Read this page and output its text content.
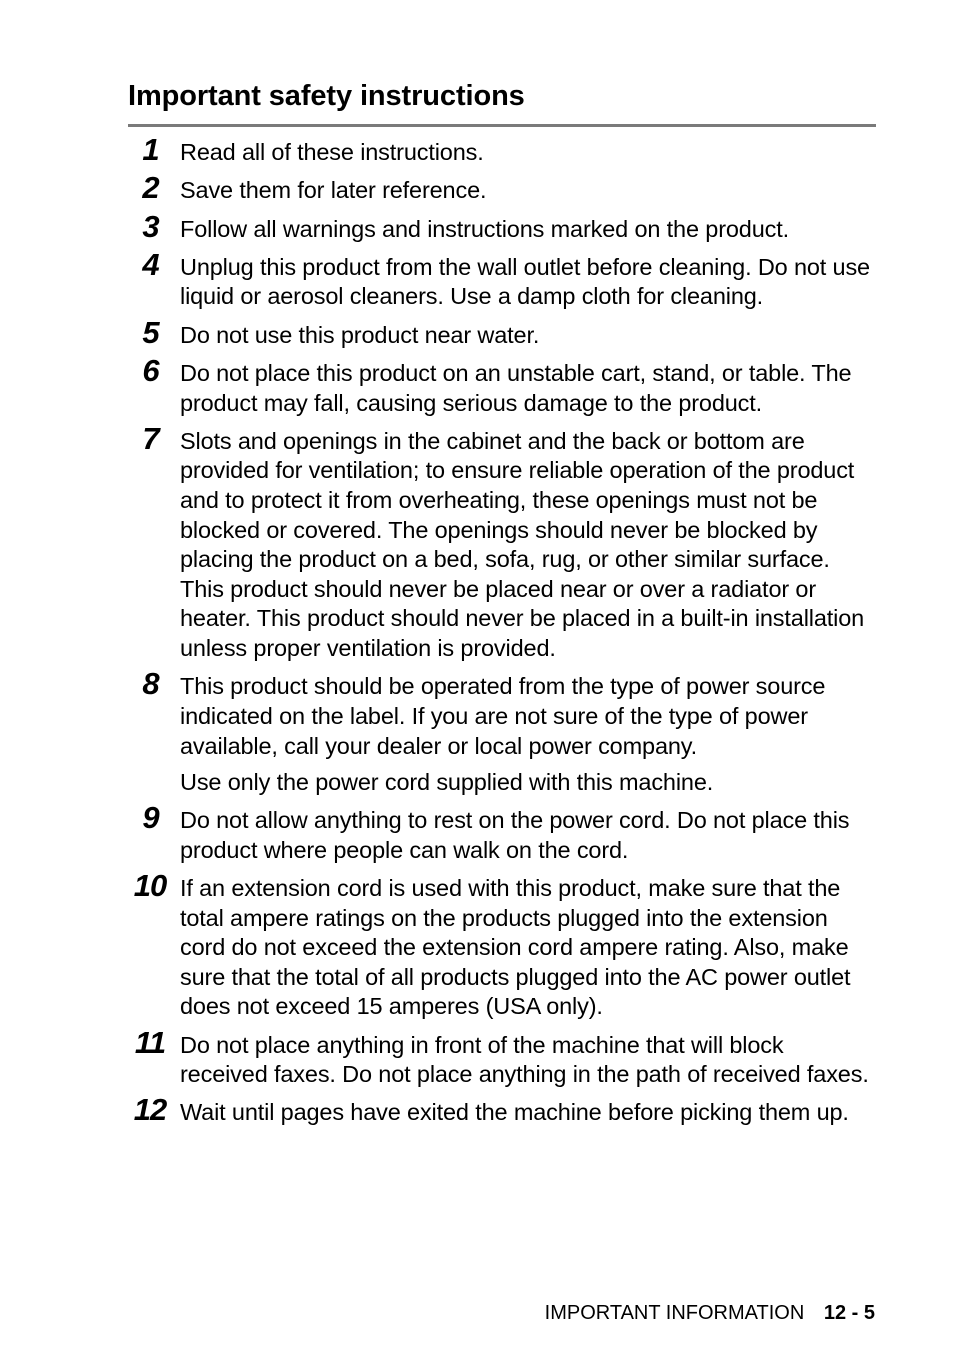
Important safety instructions
1 Read all of these instructions.
2 Save them for later reference.
3 Follow all warnings and instructions marked on the product.
4 Unplug this product from the wall outlet before cleaning. Do not use liquid or aerosol cleaners. Use a damp cloth for cleaning.
5 Do not use this product near water.
6 Do not place this product on an unstable cart, stand, or table. The product may fall, causing serious damage to the product.
7 Slots and openings in the cabinet and the back or bottom are provided for ventilation; to ensure reliable operation of the product and to protect it from overheating, these openings must not be blocked or covered. The openings should never be blocked by placing the product on a bed, sofa, rug, or other similar surface. This product should never be placed near or over a radiator or heater. This product should never be placed in a built-in installation unless proper ventilation is provided.
8 This product should be operated from the type of power source indicated on the label. If you are not sure of the type of power available, call your dealer or local power company.
Use only the power cord supplied with this machine.
9 Do not allow anything to rest on the power cord. Do not place this product where people can walk on the cord.
10 If an extension cord is used with this product, make sure that the total ampere ratings on the products plugged into the extension cord do not exceed the extension cord ampere rating. Also, make sure that the total of all products plugged into the AC power outlet does not exceed 15 amperes (USA only).
11 Do not place anything in front of the machine that will block received faxes. Do not place anything in the path of received faxes.
12 Wait until pages have exited the machine before picking them up.
IMPORTANT INFORMATION 12 - 5
